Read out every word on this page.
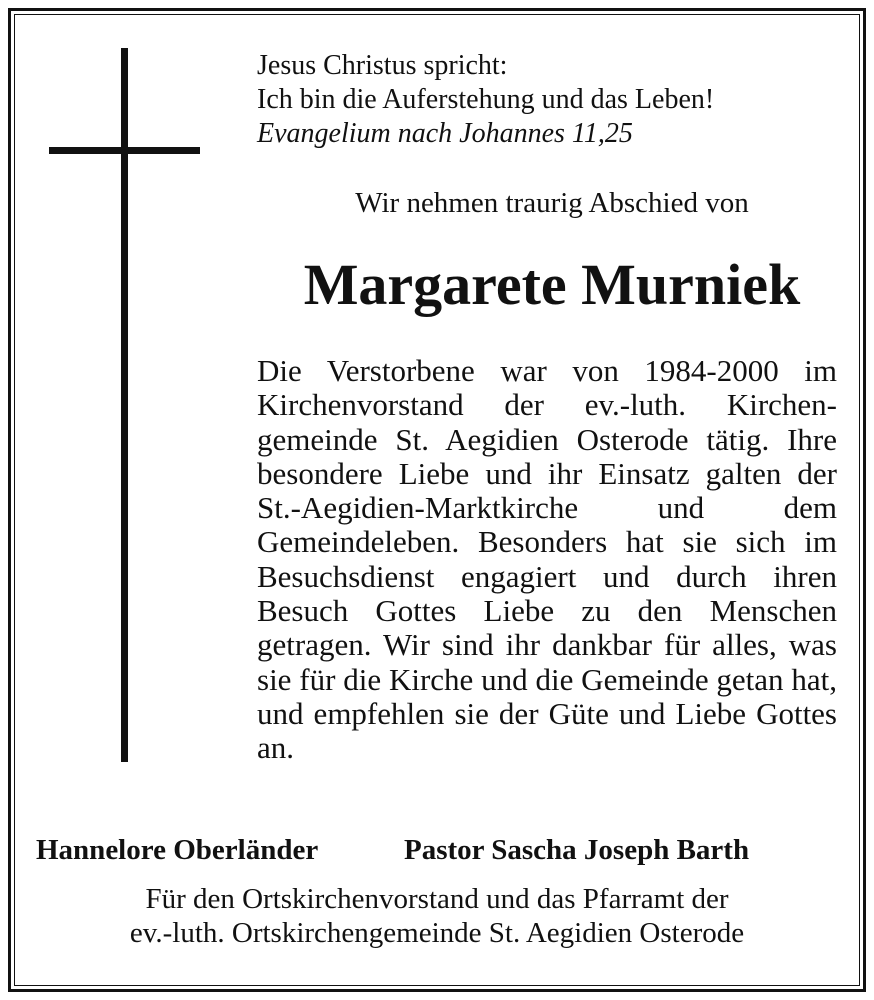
Jesus Christus spricht:
Ich bin die Auferstehung und das Leben!
Evangelium nach Johannes 11,25
Wir nehmen traurig Abschied von
Margarete Murniek
Die Verstorbene war von 1984-2000 im Kirchenvorstand der ev.-luth. Kirchengemeinde St. Aegidien Osterode tätig. Ihre besondere Liebe und ihr Einsatz galten der St.-Aegidien-Marktkirche und dem Gemeindeleben. Besonders hat sie sich im Besuchsdienst engagiert und durch ihren Besuch Gottes Liebe zu den Menschen getragen. Wir sind ihr dankbar für alles, was sie für die Kirche und die Gemeinde getan hat, und empfehlen sie der Güte und Liebe Gottes an.
Hannelore Oberländer	Pastor Sascha Joseph Barth
Für den Ortskirchenvorstand und das Pfarramt der
ev.-luth. Ortskirchengemeinde St. Aegidien Osterode
